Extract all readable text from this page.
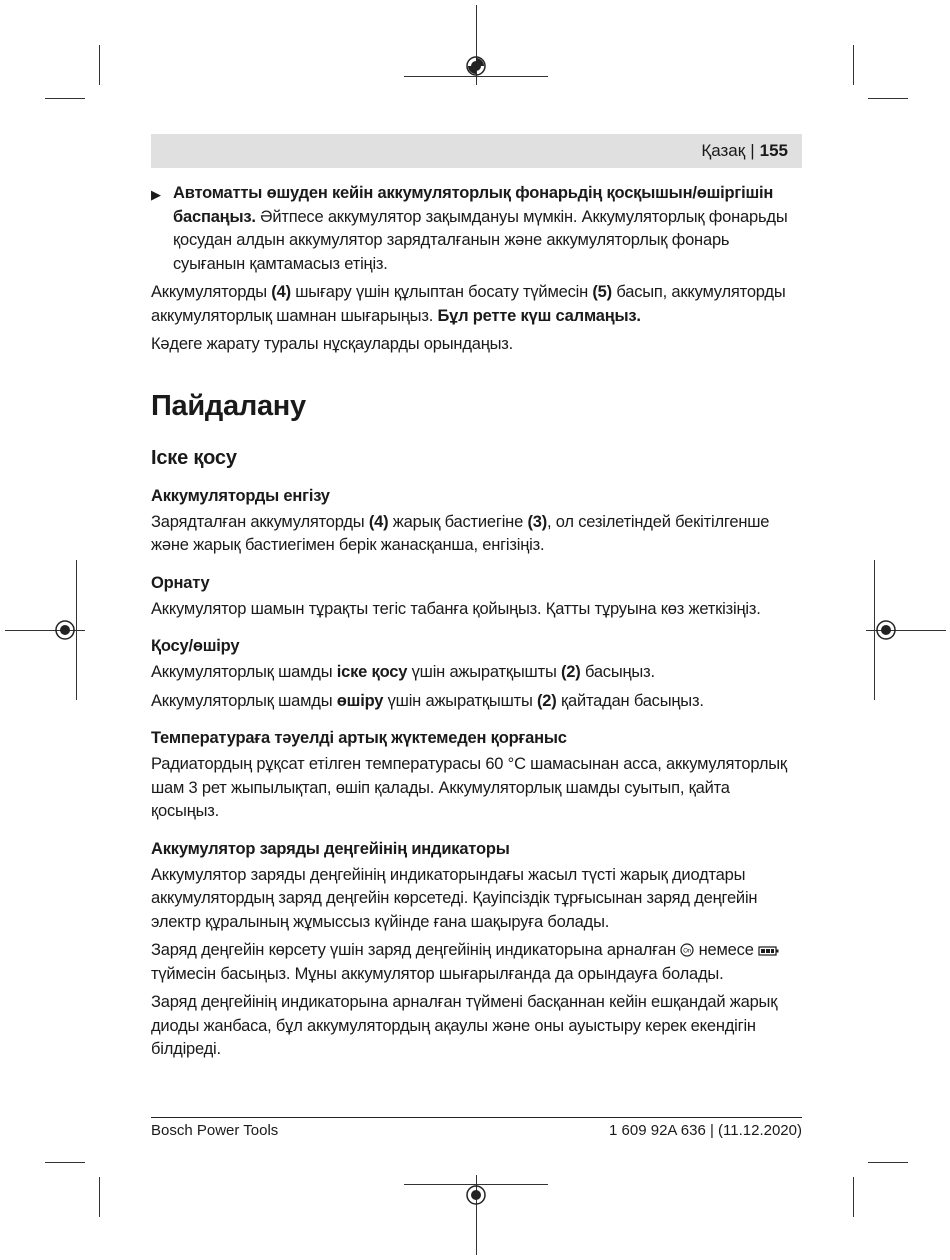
Қазақ | 155
▶ Автоматты өшуден кейін аккумуляторлық фонарьдің қосқышын/өшіргішін баспаңыз. Әйтпесе аккумулятор зақымдануы мүмкін. Аккумуляторлық фонарьды қосудан алдын аккумулятор зарядталғанын және аккумуляторлық фонарь суығанын қамтамасыз етіңіз.

Аккумуляторды (4) шығару үшін құлыптан босату түймесін (5) басып, аккумуляторды аккумуляторлық шамнан шығарыңыз. Бұл ретте күш салмаңыз.

Кәдеге жарату туралы нұсқауларды орындаңыз.

Пайдалану
Іске қосу
Аккумуляторды енгізу

Зарядталған аккумуляторды (4) жарық бастиегіне (3), ол сезілетіндей бекітілгенше және жарық бастиегімен берік жанасқанша, енгізіңіз.

Орнату

Аккумулятор шамын тұрақты тегіс табанға қойыңыз. Қатты тұруына көз жеткізіңіз.

Қосу/өшіру

Аккумуляторлық шамды іске қосу үшін ажыратқышты (2) басыңыз.

Аккумуляторлық шамды өшіру үшін ажыратқышты (2) қайтадан басыңыз.

Температураға тәуелді артық жүктемеден қорғаныс

Радиатордың рұқсат етілген температурасы 60 °C шамасынан асса, аккумуляторлық шам 3 рет жыпылықтап, өшіп қалады. Аккумуляторлық шамды суытып, қайта қосыңыз.

Аккумулятор заряды деңгейінің индикаторы

Аккумулятор заряды деңгейінің индикаторындағы жасыл түсті жарық диодтары аккумулятордың заряд деңгейін көрсетеді. Қауіпсіздік тұрғысынан заряд деңгейін электр құралының жұмыссыз күйінде ғана шақыруға болады.

Заряд деңгейін көрсету үшін заряд деңгейінің индикаторына арналған On немесе  түймесін басыңыз. Мұны аккумулятор шығарылғанда да орындауға болады.

Заряд деңгейінің индикаторына арналған түймені басқаннан кейін ешқандай жарық диоды жанбаса, бұл аккумулятордың ақаулы және оны ауыстыру керек екендігін білдіреді.

Bosch Power Tools	1 609 92A 636 | (11.12.2020)
